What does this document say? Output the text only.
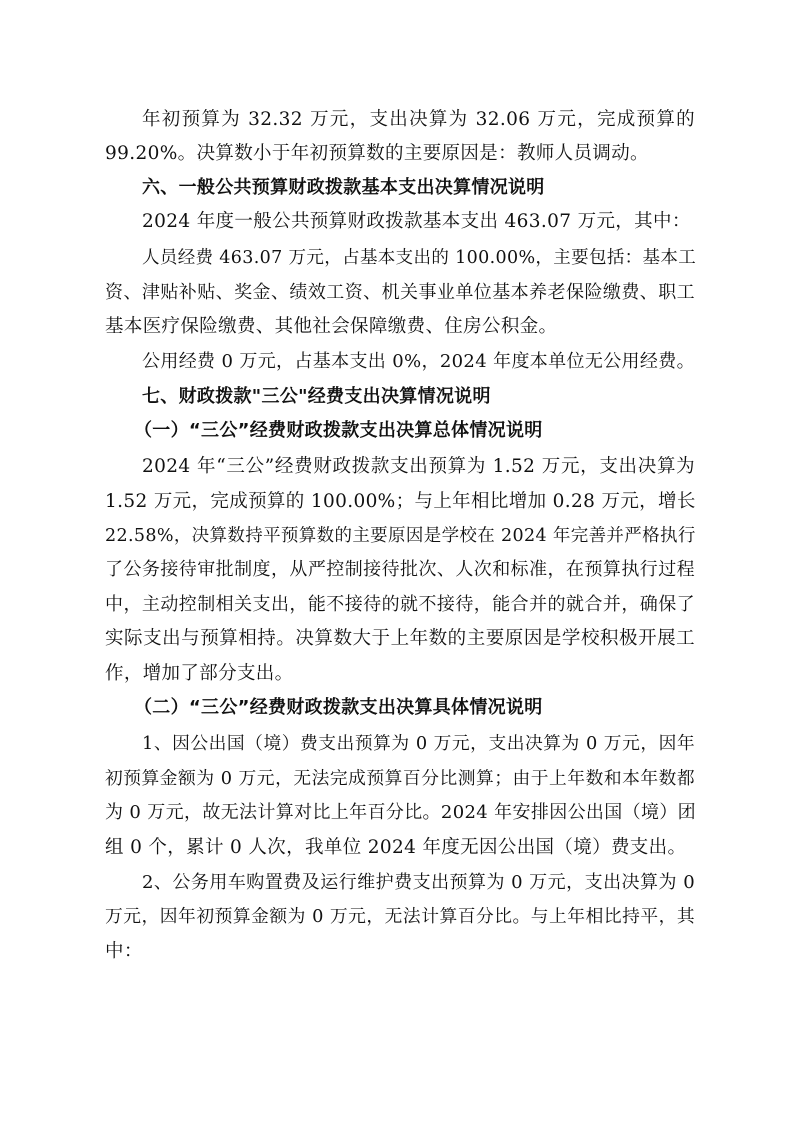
年初预算为 32.32 万元，支出决算为 32.06 万元，完成预算的
99.20%。决算数小于年初预算数的主要原因是：教师人员调动。
六、一般公共预算财政拨款基本支出决算情况说明
2024 年度一般公共预算财政拨款基本支出 463.07 万元，其中：
人员经费 463.07 万元，占基本支出的 100.00%，主要包括：基本工
资、津贴补贴、奖金、绩效工资、机关事业单位基本养老保险缴费、职工
基本医疗保险缴费、其他社会保障缴费、住房公积金。
公用经费 0 万元，占基本支出 0%，2024 年度本单位无公用经费。
七、财政拨款"三公"经费支出决算情况说明
（一）“三公”经费财政拨款支出决算总体情况说明
2024 年“三公”经费财政拨款支出预算为 1.52 万元，支出决算为
1.52 万元，完成预算的 100.00%；与上年相比增加 0.28 万元，增长
22.58%，决算数持平预算数的主要原因是学校在 2024 年完善并严格执行
了公务接待审批制度，从严控制接待批次、人次和标准，在预算执行过程
中，主动控制相关支出，能不接待的就不接待，能合并的就合并，确保了
实际支出与预算相持。决算数大于上年数的主要原因是学校积极开展工
作，增加了部分支出。
（二）“三公”经费财政拨款支出决算具体情况说明
1、因公出国（境）费支出预算为 0 万元，支出决算为 0 万元，因年
初预算金额为 0 万元，无法完成预算百分比测算；由于上年数和本年数都
为 0 万元，故无法计算对比上年百分比。2024 年安排因公出国（境）团
组 0 个，累计 0 人次，我单位 2024 年度无因公出国（境）费支出。
2、公务用车购置费及运行维护费支出预算为 0 万元，支出决算为 0
万元，因年初预算金额为 0 万元，无法计算百分比。与上年相比持平，其
中：
